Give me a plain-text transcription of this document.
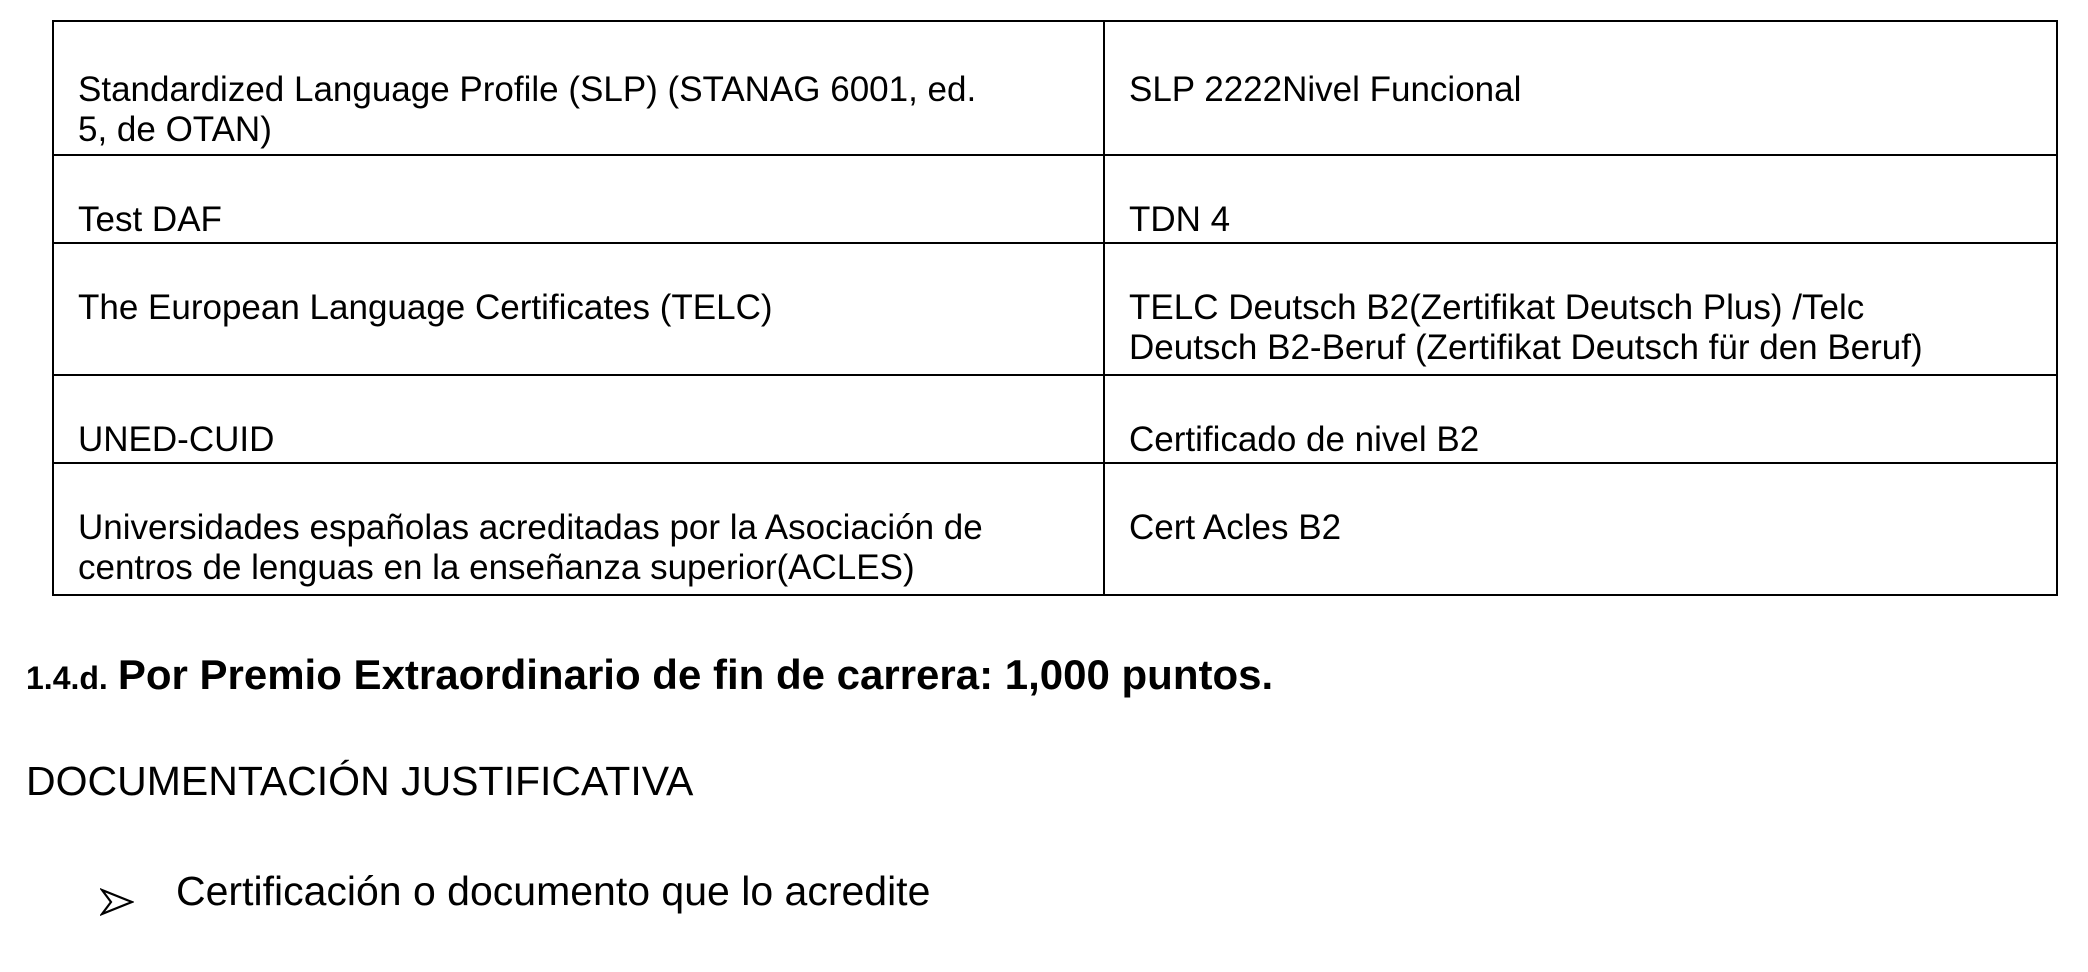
Standardized Language Profile (SLP) (STANAG 6001, ed.
5, de OTAN)	SLP 2222Nivel Funcional
Test DAF	TDN 4
The European Language Certificates (TELC)	TELC Deutsch B2(Zertifikat Deutsch Plus) /Telc
Deutsch B2-Beruf (Zertifikat Deutsch für den Beruf)

UNED-CUID	Certificado de nivel B2

Universidades españolas acreditadas por la Asociación de
centros de lenguas en la enseñanza superior(ACLES)	Cert Acles B2
1.4.d. Por Premio Extraordinario de fin de carrera: 1,000 puntos.
DOCUMENTACIÓN JUSTIFICATIVA
Certificación o documento que lo acredite
